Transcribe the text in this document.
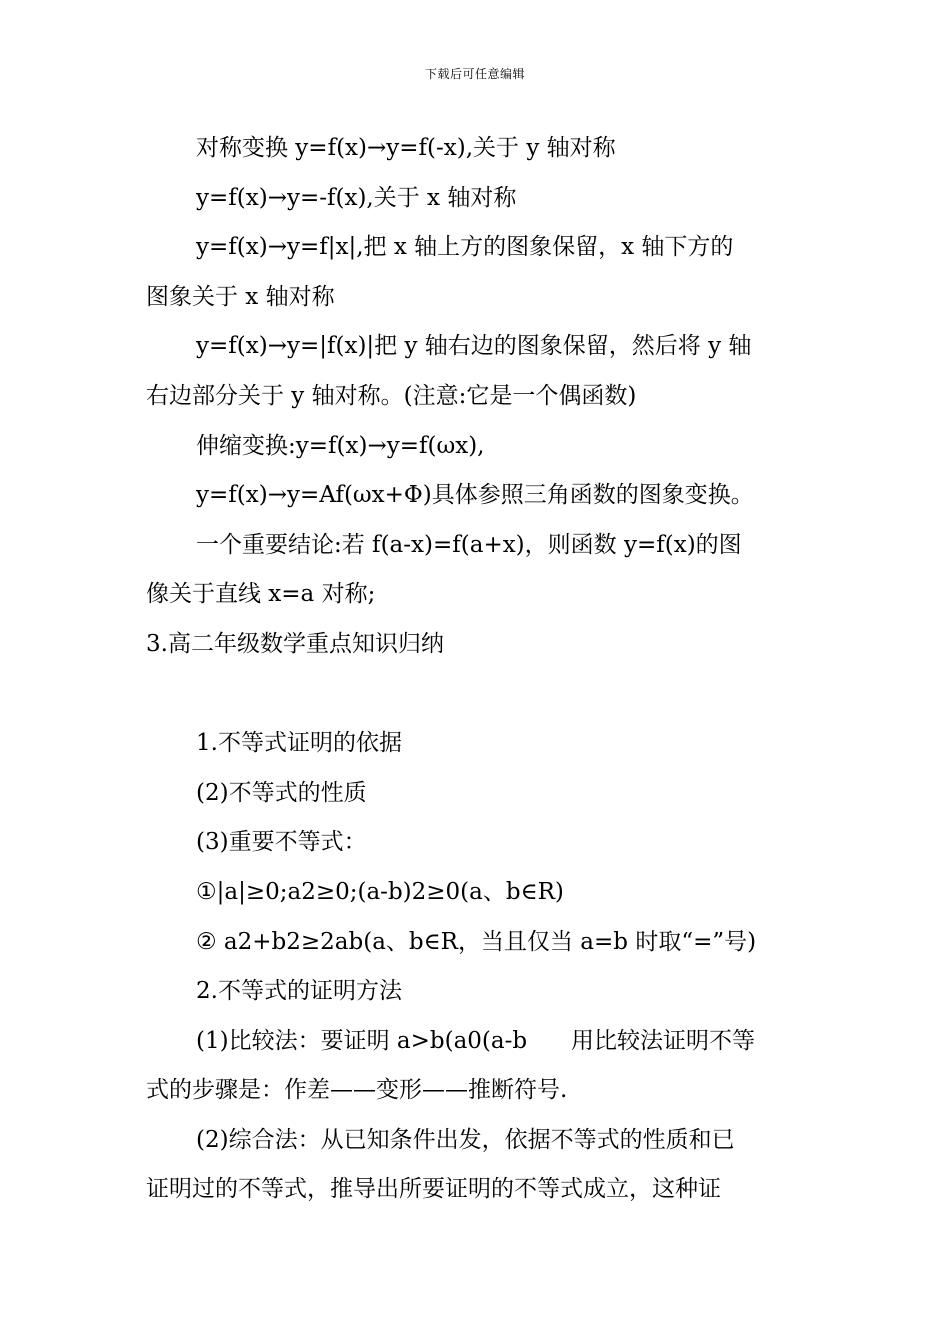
下载后可任意编辑
对称变换 y=f(x)→y=f(-x),关于 y 轴对称
y=f(x)→y=-f(x),关于 x 轴对称
y=f(x)→y=f|x|,把 x 轴上方的图象保留，x 轴下方的
图象关于 x 轴对称
y=f(x)→y=|f(x)|把 y 轴右边的图象保留，然后将 y 轴
右边部分关于 y 轴对称。(注意:它是一个偶函数)
伸缩变换:y=f(x)→y=f(ωx),
y=f(x)→y=Af(ωx+Φ)具体参照三角函数的图象变换。
一个重要结论:若 f(a-x)=f(a+x)，则函数 y=f(x)的图
像关于直线 x=a 对称;
3.高二年级数学重点知识归纳
1.不等式证明的依据
(2)不等式的性质
(3)重要不等式：
①|a|≥0;a2≥0;(a-b)2≥0(a、b∈R)
② a2+b2≥2ab(a、b∈R，当且仅当 a=b 时取“=”号)
2.不等式的证明方法
(1)比较法：要证明 a>b(a0(a-b      用比较法证明不等
式的步骤是：作差——变形——推断符号.
(2)综合法：从已知条件出发，依据不等式的性质和已
证明过的不等式，推导出所要证明的不等式成立，这种证
